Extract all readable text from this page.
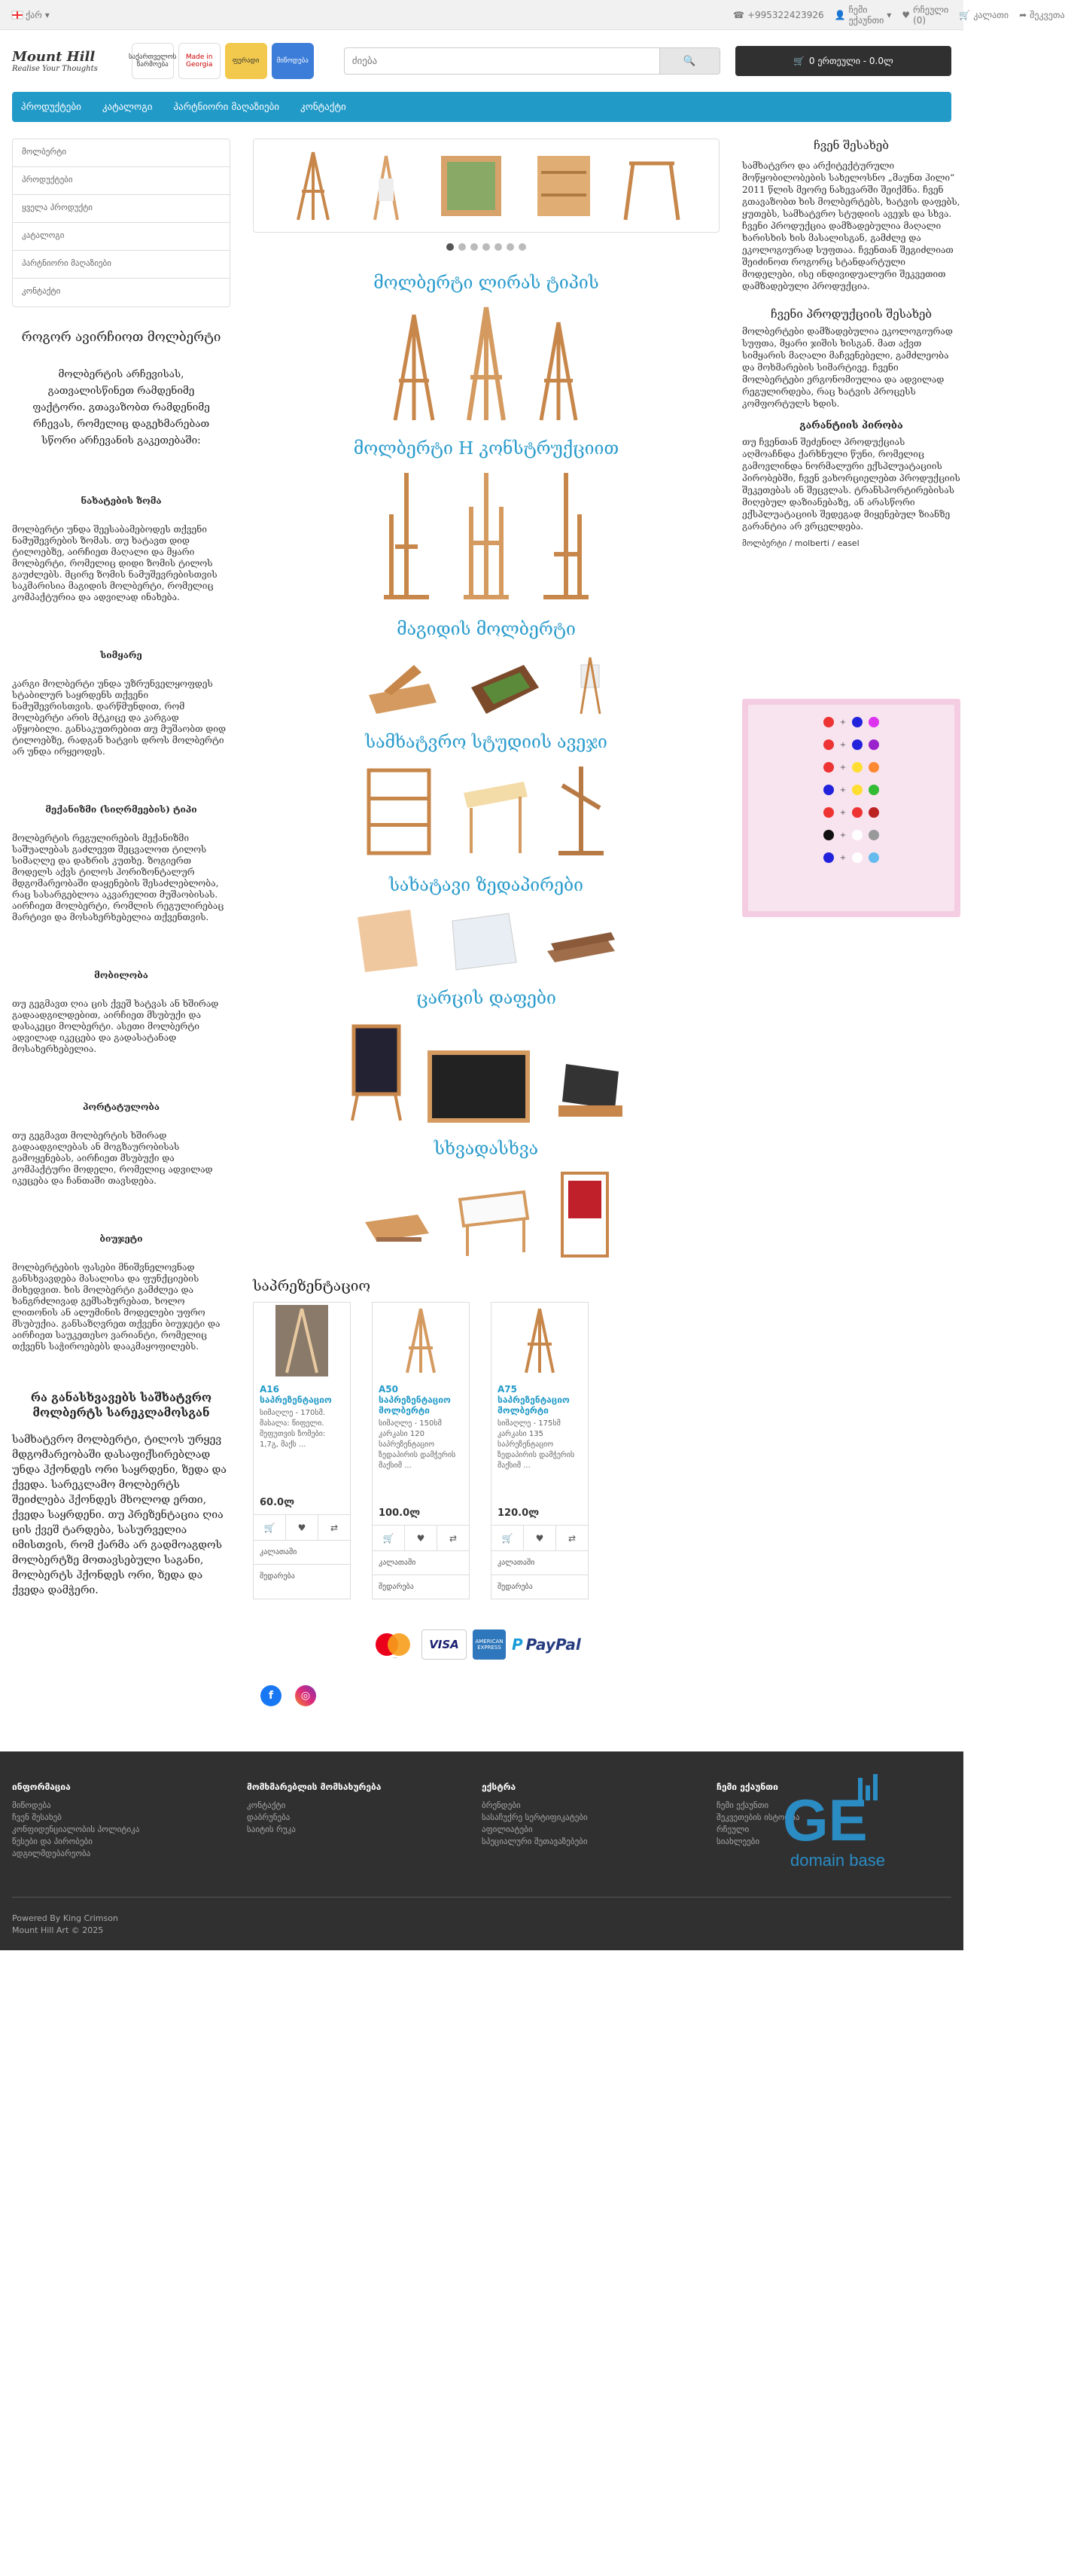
ქარ ▾	☎ +995322423926 👤 ჩემი ექაუნთი ▾ ♥ რჩეული (0)	🛒 კალათი ➦ შეკვეთა
Mount Hill
Realise Your Thoughts
საქართველოს წარმოება
Made in Georgia	ფერადი	მიწოდება
ძიება	🔍	🛒 0 ერთეული - 0.0ლ
პროდუქტები კატალოგი პარტნიორი მაღაზიები კონტაქტი
მოლბერტი
პროდუქტები
ყველა პროდუქტი
კატალოგი
პარტნიორი მაღაზიები
კონტაქტი
როგორ ავირჩიოთ მოლბერტი
მოლბერტის არჩევისას, გათვალისწინეთ რამდენიმე ფაქტორი. გთავაზობთ რამდენიმე რჩევას, რომელიც დაგეხმარებათ სწორი არჩევანის გაკეთებაში:
ნახატების ზომა
მოლბერტი უნდა შეესაბამებოდეს თქვენი ნამუშევრების ზომას. თუ ხატავთ დიდ ტილოებზე, აირჩიეთ მაღალი და მყარი მოლბერტი, რომელიც დიდი ზომის ტილოს გაუძლებს. მცირე ზომის ნამუშევრებისთვის საკმარისია მაგიდის მოლბერტი, რომელიც კომპაქტურია და ადვილად ინახება.
სიმყარე
კარგი მოლბერტი უნდა უზრუნველყოფდეს სტაბილურ საყრდენს თქვენი ნამუშევრისთვის. დარწმუნდით, რომ მოლბერტი არის მტკიცე და კარგად აწყობილი. განსაკუთრებით თუ მუშაობთ დიდ ტილოებზე, რადგან ხატვის დროს მოლბერტი არ უნდა ირყეოდეს.
მექანიზმი (სიღრმეების) ტიპი
მოლბერტის რეგულირების მექანიზმი საშუალებას გაძლევთ შეცვალოთ ტილოს სიმაღლე და დახრის კუთხე. ზოგიერთ მოდელს აქვს ტილოს ჰორიზონტალურ მდგომარეობაში დაყენების შესაძლებლობა, რაც სასარგებლოა აკვარელით მუშაობისას. აირჩიეთ მოლბერტი, რომლის რეგულირებაც მარტივი და მოსახერხებელია თქვენთვის.
მობილობა
თუ გეგმავთ ღია ცის ქვეშ ხატვას ან ხშირად გადაადგილდებით, აირჩიეთ მსუბუქი და დასაკეცი მოლბერტი. ასეთი მოლბერტი ადვილად იკეცება და გადასატანად მოსახერხებელია.
პორტატულობა
თუ გეგმავთ მოლბერტის ხშირად გადაადგილებას ან მოგზაურობისას გამოყენებას, აირჩიეთ მსუბუქი და კომპაქტური მოდელი, რომელიც ადვილად იკეცება და ჩანთაში თავსდება.
ბიუჯეტი
მოლბერტების ფასები მნიშვნელოვნად განსხვავდება მასალისა და ფუნქციების მიხედვით. ხის მოლბერტი გამძლეა და ხანგრძლივად გემსახურებათ, ხოლო ლითონის ან ალუმინის მოდელები უფრო მსუბუქია. განსაზღვრეთ თქვენი ბიუჯეტი და აირჩიეთ საუკეთესო ვარიანტი, რომელიც თქვენს საჭიროებებს დააკმაყოფილებს.
რა განასხვავებს საშხატვრო მოლბერტს სარეკლამოსგან
სამხატვრო მოლბერტი, ტილოს ურყევ მდგომარეობაში დასაფიქსირებლად უნდა ჰქონდეს ორი საყრდენი, ზედა და ქვედა. სარეკლამო მოლბერტს შეიძლება ჰქონდეს მხოლოდ ერთი, ქვედა საყრდენი. თუ პრეზენტაცია ღია ცის ქვეშ ტარდება, სასურველია იმისთვის, რომ ქარმა არ გადმოაგდოს მოლბერტზე მოთავსებული საგანი, მოლბერტს ჰქონდეს ორი, ზედა და ქვედა დამჭერი.
მოლბერტი ლირას ტიპის
მოლბერტი H კონსტრუქციით
მაგიდის მოლბერტი
სამხატვრო სტუდიის ავეჯი
სახატავი ზედაპირები
ცარცის დაფები
სხვადასხვა
საპრეზენტაციო
A16 საპრეზენტაციო
სიმაღლე - 170სმ. მასალა: წიფელი. შეფუთვის ზომები: 1,7გ, მაქს ...
60.0ლ
🛒	♥	⇄
კალათაში
შედარება
A50 საპრეზენტაციო მოლბერტი
სიმაღლე - 150სმ კარკასი 120 საპრეზენტაციო ზედაპირის დამჭერის მაქსიმ ...
100.0ლ
🛒	♥	⇄
კალათაში
შედარება
A75 საპრეზენტაციო მოლბერტი
სიმაღლე - 175სმ კარკასი 135 საპრეზენტაციო ზედაპირის დამჭერის მაქსიმ ...
120.0ლ
🛒	♥	⇄
კალათაში
შედარება
Mastercard
VISA	AMERICAN EXPRESS P PayPal
f	◎
ჩვენ შესახებ
სამხატვრო და არქიტექტურული მოწყობილობების სახელოსნო „მაუნთ ჰილი“ 2011 წლის მეორე ნახევარში შეიქმნა. ჩვენ გთავაზობთ ხის მოლბერტებს, ხატვის დაფებს, ყუთებს, სამხატვრო სტუდიის ავეჯს და სხვა. ჩვენი პროდუქცია დამზადებულია მაღალი ხარისხის ხის მასალისგან, გამძლე და ეკოლოგიურად სუფთაა. ჩვენთან შეგიძლიათ შეიძინოთ როგორც სტანდარტული მოდელები, ისე ინდივიდუალური შეკვეთით დამზადებული პროდუქცია.
ჩვენი პროდუქციის შესახებ
მოლბერტები დამზადებულია ეკოლოგიურად სუფთა, მყარი ჯიშის ხისგან. მათ აქვთ სიმყარის მაღალი მაჩვენებელი, გამძლეობა და მოხმარების სიმარტივე. ჩვენი მოლბერტები ერგონომიულია და ადვილად რეგულირდება, რაც ხატვის პროცესს კომფორტულს ხდის.
გარანტიის პირობა
თუ ჩვენთან შეძენილ პროდუქციას აღმოაჩნდა ქარხნული წუნი, რომელიც გამოვლინდა ნორმალური ექსპლუატაციის პირობებში, ჩვენ ვახორციელებთ პროდუქციის შეკეთებას ან შეცვლას. ტრანსპორტირებისას მიღებულ დაზიანებაზე, ან არასწორი ექსპლუატაციის შედეგად მიყენებულ ზიანზე გარანტია არ ვრცელდება.
მოლბერტი / molberti / easel
+
+
+
+
+
+
+
ინფორმაცია
მიწოდება
ჩვენ შესახებ
კონფიდენციალობის პოლიტიკა
წესები და პირობები
ადგილმდებარეობა
მომხმარებლის მომსახურება
კონტაქტი
დაბრუნება
საიტის რუკა
ექსტრა
ბრენდები
სასაჩუქრე სერტიფიკატები
აფილიატები
სპეციალური შეთავაზებები
ჩემი ექაუნთი
ჩემი ექაუნთი
შეკვეთების ისტორია
რჩეული
სიახლეები GE
domain base
Powered By King Crimson
Mount Hill Art © 2025
